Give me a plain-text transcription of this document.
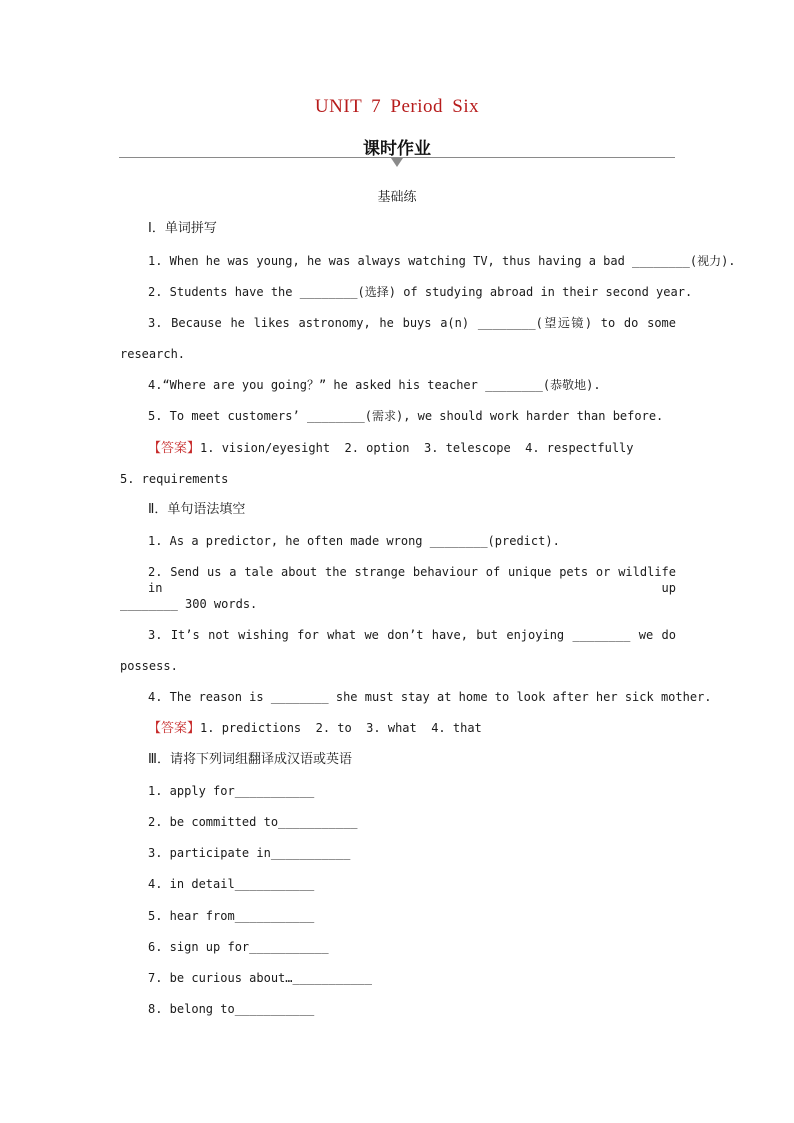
UNIT 7 Period Six
课时作业
基础练
Ⅰ．单词拼写
1. When he was young, he was always watching TV, thus having a bad ________(视力).
2. Students have the ________(选择) of studying abroad in their second year.
3. Because he likes astronomy, he buys a(n) ________(望远镜) to do some
research.
4.“Where are you going？” he asked his teacher ________(恭敬地).
5. To meet customers’ ________(需求), we should work harder than before.
【答案】1. vision/eyesight  2. option  3. telescope  4. respectfully
5. requirements
Ⅱ．单句语法填空
1. As a predictor, he often made wrong ________(predict).
2. Send us a tale about the strange behaviour of unique pets or wildlife in up
________ 300 words.
3. It’s not wishing for what we don’t have, but enjoying ________ we do
possess.
4. The reason is ________ she must stay at home to look after her sick mother.
【答案】1. predictions  2. to  3. what  4. that
Ⅲ．请将下列词组翻译成汉语或英语
1. apply for___________
2. be committed to___________
3. participate in___________
4. in detail___________
5. hear from___________
6. sign up for___________
7. be curious about…___________
8. belong to___________
